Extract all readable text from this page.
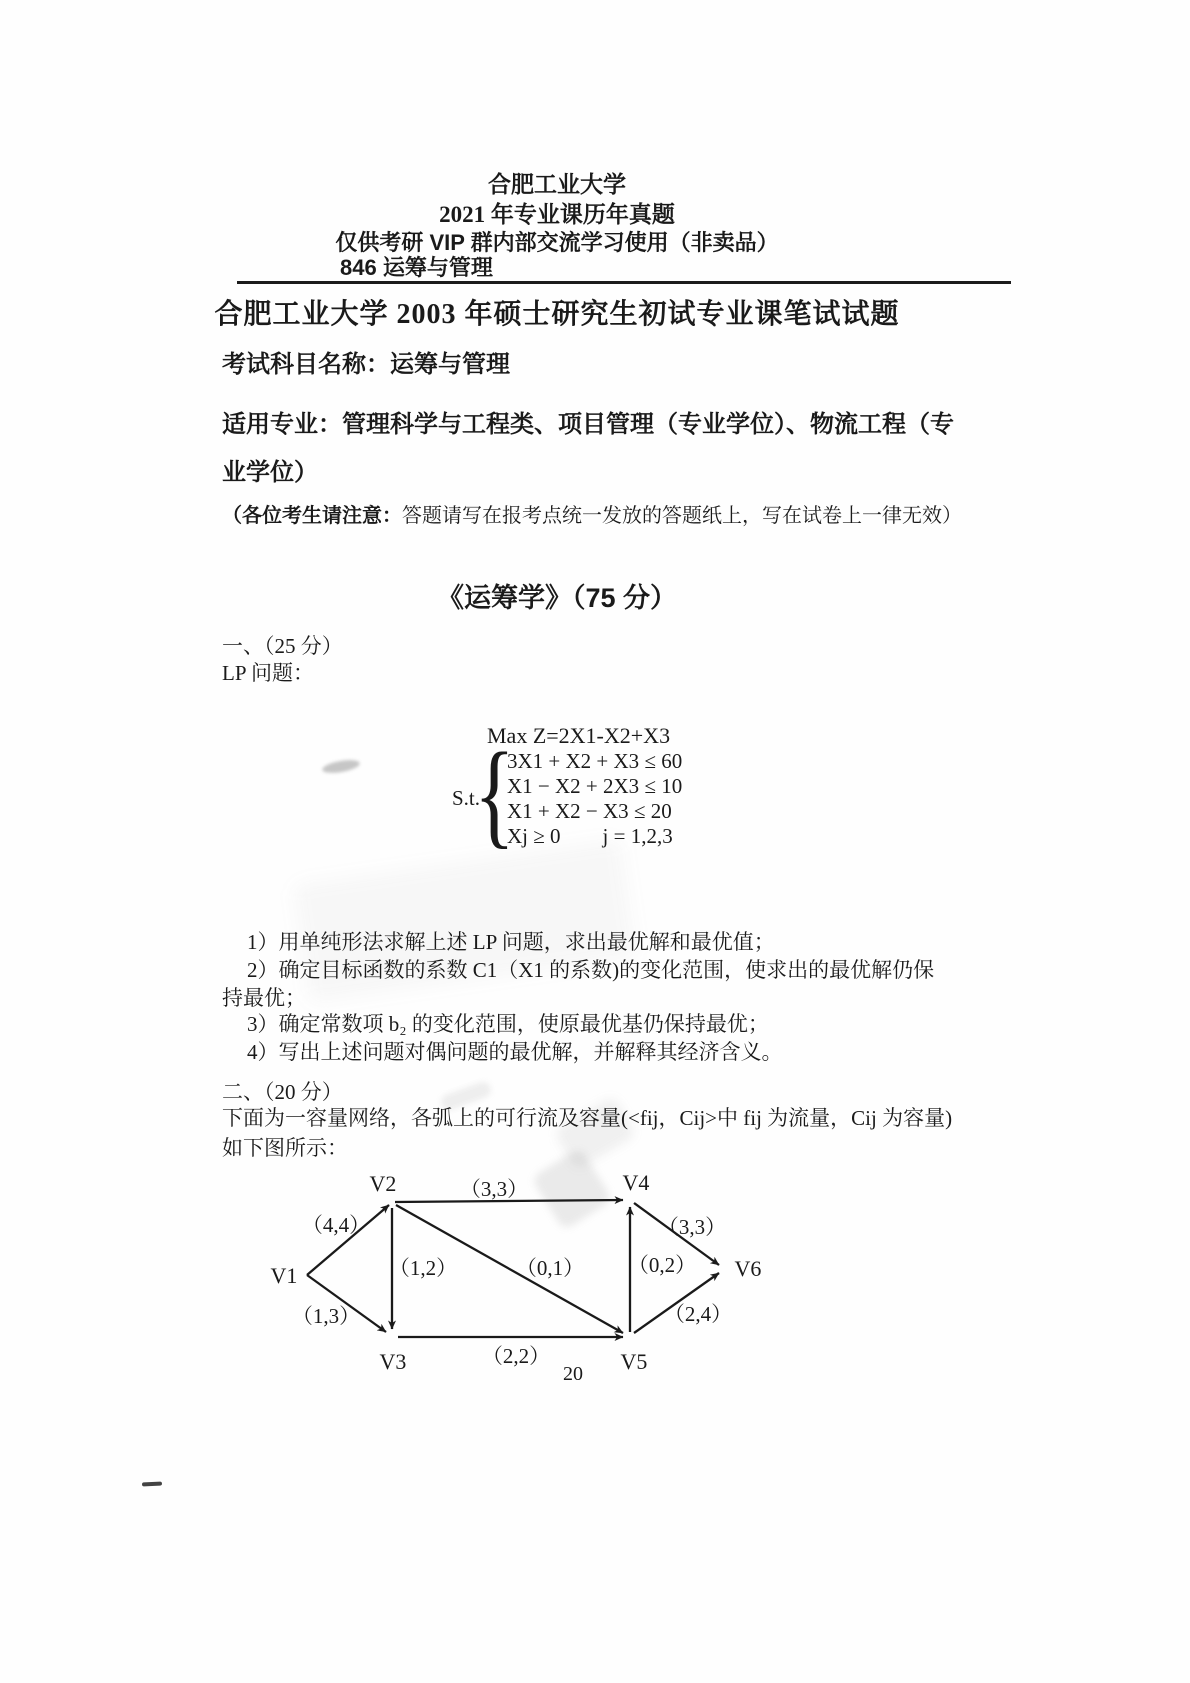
合肥工业大学
2021 年专业课历年真题
仅供考研 VIP 群内部交流学习使用（非卖品）
846 运筹与管理
合肥工业大学 2003 年硕士研究生初试专业课笔试试题
考试科目名称：运筹与管理
适用专业：管理科学与工程类、项目管理（专业学位）、物流工程（专
业学位）
（各位考生请注意：答题请写在报考点统一发放的答题纸上，写在试卷上一律无效）
《运筹学》（75 分）
一、（25 分）
LP 问题：
Max Z=2X1-X2+X3
S.t.
{
3X1 + X2 + X3 ≤ 60
X1 − X2 + 2X3 ≤ 10
X1 + X2 − X3 ≤ 20
Xj ≥ 0        j = 1,2,3
1）用单纯形法求解上述 LP 问题，求出最优解和最优值；
2）确定目标函数的系数 C1（X1 的系数)的变化范围，使求出的最优解仍保
持最优；
3）确定常数项 b₂ 的变化范围，使原最优基仍保持最优；
4）写出上述问题对偶问题的最优解，并解释其经济含义。
二、（20 分）
下面为一容量网络，各弧上的可行流及容量(<fij，Cij>中 fij 为流量，Cij 为容量)
如下图所示：
V1
V2
V3
V4
V5
V6
（4,4）
（1,3）
（3,3）
（1,2）	（0,1）
（2,2）
（0,2）
（3,3）
（2,4）
20
